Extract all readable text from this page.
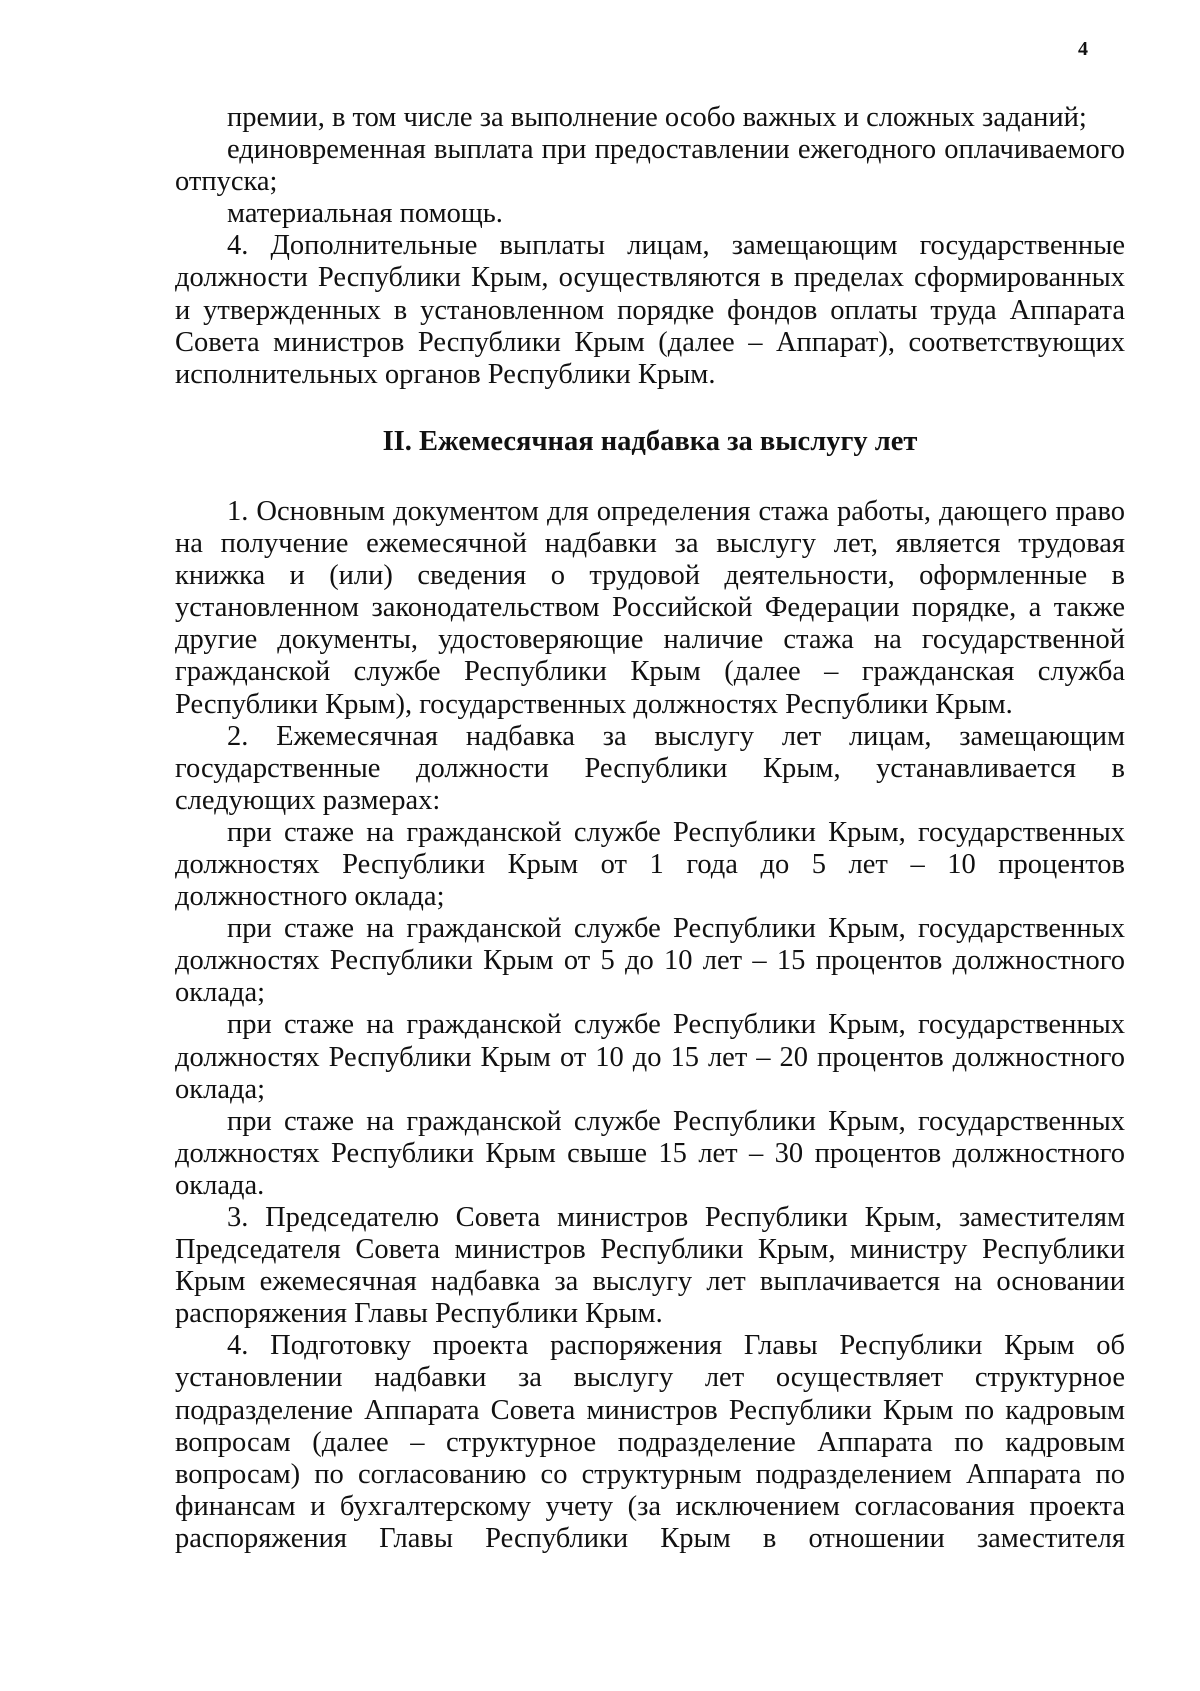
4

премии, в том числе за выполнение особо важных и сложных заданий;

единовременная выплата при предоставлении ежегодного оплачиваемого отпуска;

материальная помощь.

4. Дополнительные выплаты лицам, замещающим государственные должности Республики Крым, осуществляются в пределах сформированных и утвержденных в установленном порядке фондов оплаты труда Аппарата Совета министров Республики Крым (далее – Аппарат), соответствующих исполнительных органов Республики Крым.

II. Ежемесячная надбавка за выслугу лет

1. Основным документом для определения стажа работы, дающего право на получение ежемесячной надбавки за выслугу лет, является трудовая книжка и (или) сведения о трудовой деятельности, оформленные в установленном законодательством Российской Федерации порядке, а также другие документы, удостоверяющие наличие стажа на государственной гражданской службе Республики Крым (далее – гражданская служба Республики Крым), государственных должностях Республики Крым.

2. Ежемесячная надбавка за выслугу лет лицам, замещающим государственные должности Республики Крым, устанавливается в следующих размерах:

при стаже на гражданской службе Республики Крым, государственных должностях Республики Крым от 1 года до 5 лет – 10 процентов должностного оклада;

при стаже на гражданской службе Республики Крым, государственных должностях Республики Крым от 5 до 10 лет – 15 процентов должностного оклада;

при стаже на гражданской службе Республики Крым, государственных должностях Республики Крым от 10 до 15 лет – 20 процентов должностного оклада;

при стаже на гражданской службе Республики Крым, государственных должностях Республики Крым свыше 15 лет – 30 процентов должностного оклада.

3. Председателю Совета министров Республики Крым, заместителям Председателя Совета министров Республики Крым, министру Республики Крым ежемесячная надбавка за выслугу лет выплачивается на основании распоряжения Главы Республики Крым.

4. Подготовку проекта распоряжения Главы Республики Крым об установлении надбавки за выслугу лет осуществляет структурное подразделение Аппарата Совета министров Республики Крым по кадровым вопросам (далее – структурное подразделение Аппарата по кадровым вопросам) по согласованию со структурным подразделением Аппарата по финансам и бухгалтерскому учету (за исключением согласования проекта распоряжения Главы Республики Крым в отношении заместителя
